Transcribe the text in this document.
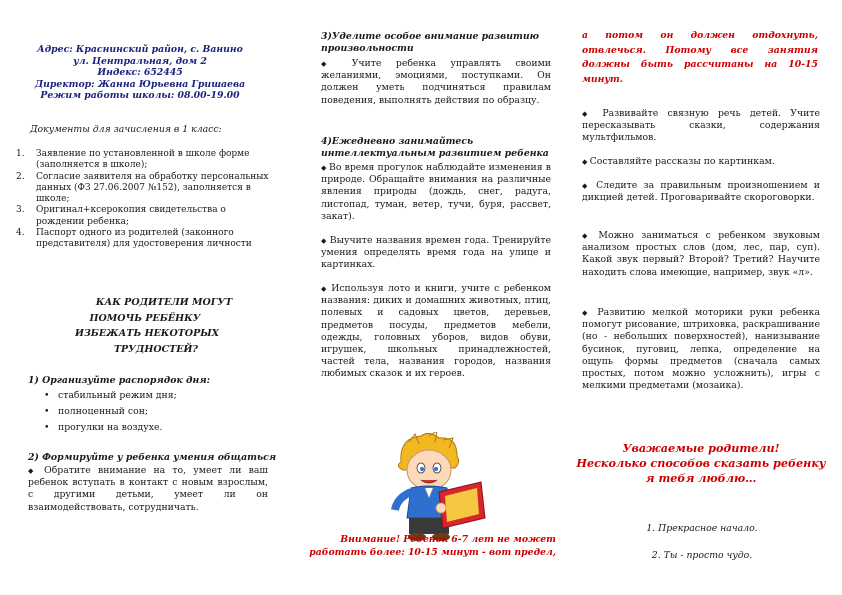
Адрес: Краснинский район, с. Ванино
ул. Центральная, дом 2
Индекс: 652445
Директор: Жанна Юрьевна Гришаева
Режим работы школы: 08.00-19.00
Документы для зачисления в 1 класс:
1. Заявление по установленной в школе форме (заполняется в школе);
2. Согласие заявителя на обработку персональных данных (ФЗ 27.06.2007 №152), заполняется в школе;
3. Оригинал+ксерокопия свидетельства о рождении ребенка;
4. Паспорт одного из родителей (законного представителя) для удостоверения личности
КАК РОДИТЕЛИ МОГУТ
ПОМОЧЬ РЕБЁНКУ
ИЗБЕЖАТЬ НЕКОТОРЫХ
ТРУДНОСТЕЙ?
1) Организуйте распорядок дня:
• стабильный режим дня;
• полноценный сон;
• прогулки на воздухе.
2) Формируйте у ребенка умения общаться
◆ Обратите внимание на то, умеет ли ваш ребенок вступать в контакт с новым взрослым, с другими детьми, умеет ли он взаимодействовать, сотрудничать.
3)Уделите особое внимание развитию произвольности
◆ Учите ребенка управлять своими желаниями, эмоциями, поступками. Он должен уметь подчиняться правилам поведения, выполнять действия по образцу.
4)Ежедневно занимайтесь интеллектуальным развитием ребенка
◆ Во время прогулок наблюдайте изменения в природе. Обращайте внимания на различные явления природы (дождь, снег, радуга, листопад, туман, ветер, тучи, буря, рассвет, закат).
◆ Выучите названия времен года. Тренируйте умения определять время года на улице и картинках.
◆ Используя лото и книги, учите с ребенком названия: диких и домашних животных, птиц, полевых и садовых цветов, деревьев, предметов посуды, предметов мебели, одежды, головных уборов, видов обуви, игрушек, школьных принадлежностей, частей тела, названия городов, названия любимых сказок и их героев.
Внимание! Ребенок 6-7 лет не может работать более: 10-15 минут - вот предел,
а потом он должен отдохнуть, отвлечься. Потому все занятия должны быть рассчитаны на 10-15 минут.
◆ Развивайте связную речь детей. Учите пересказывать сказки, содержания мультфильмов.
◆ Составляйте рассказы по картинкам.
◆ Следите за правильным произношением и дикцией детей. Проговаривайте скороговорки.
◆ Можно заниматься с ребенком звуковым анализом простых слов (дом, лес, пар, суп). Какой звук первый? Второй? Третий? Научите находить слова имеющие, например, звук «л».
◆ Развитию мелкой моторики руки ребенка помогут рисование, штриховка, раскрашивание (но - небольших поверхностей), нанизывание бусинок, пуговиц, лепка, определение на ощупь формы предметов (сначала самых простых, потом можно усложнить), игры с мелкими предметами (мозаика).
Уважаемые родители!
Несколько способов сказать ребенку
я тебя люблю…
1. Прекрасное начало.
2. Ты - просто чудо.
